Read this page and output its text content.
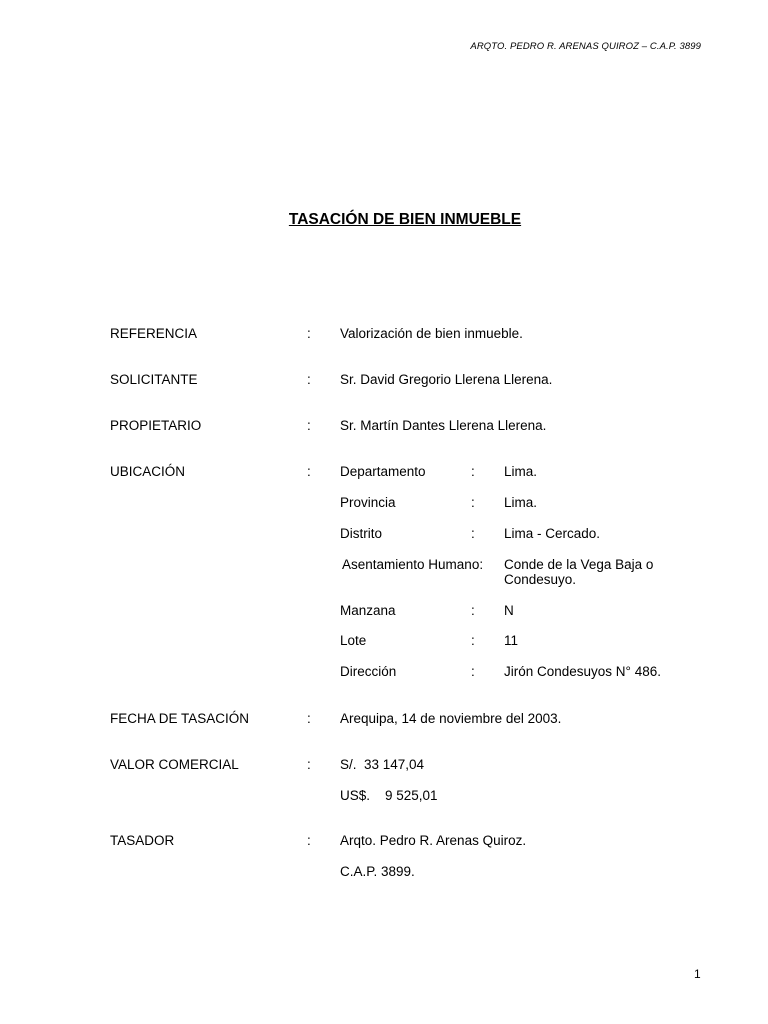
ARQTO. PEDRO R. ARENAS QUIROZ – C.A.P. 3899
TASACIÓN DE BIEN INMUEBLE
REFERENCIA	: Valorización de bien inmueble.
SOLICITANTE	: Sr. David Gregorio Llerena Llerena.
PROPIETARIO	: Sr. Martín Dantes Llerena Llerena.
UBICACIÓN	: Departamento	: Lima.
Provincia	: Lima.
Distrito	: Lima - Cercado.
Asentamiento Humano: Conde de la Vega Baja o
Condesuyo.
Manzana	: N
Lote	: 11
Dirección	: Jirón Condesuyos N° 486.
FECHA DE TASACIÓN	: Arequipa, 14 de noviembre del 2003.
VALOR COMERCIAL	: S/.  33 147,04
US$.    9 525,01
TASADOR	: Arqto. Pedro R. Arenas Quiroz.
C.A.P. 3899.
1
